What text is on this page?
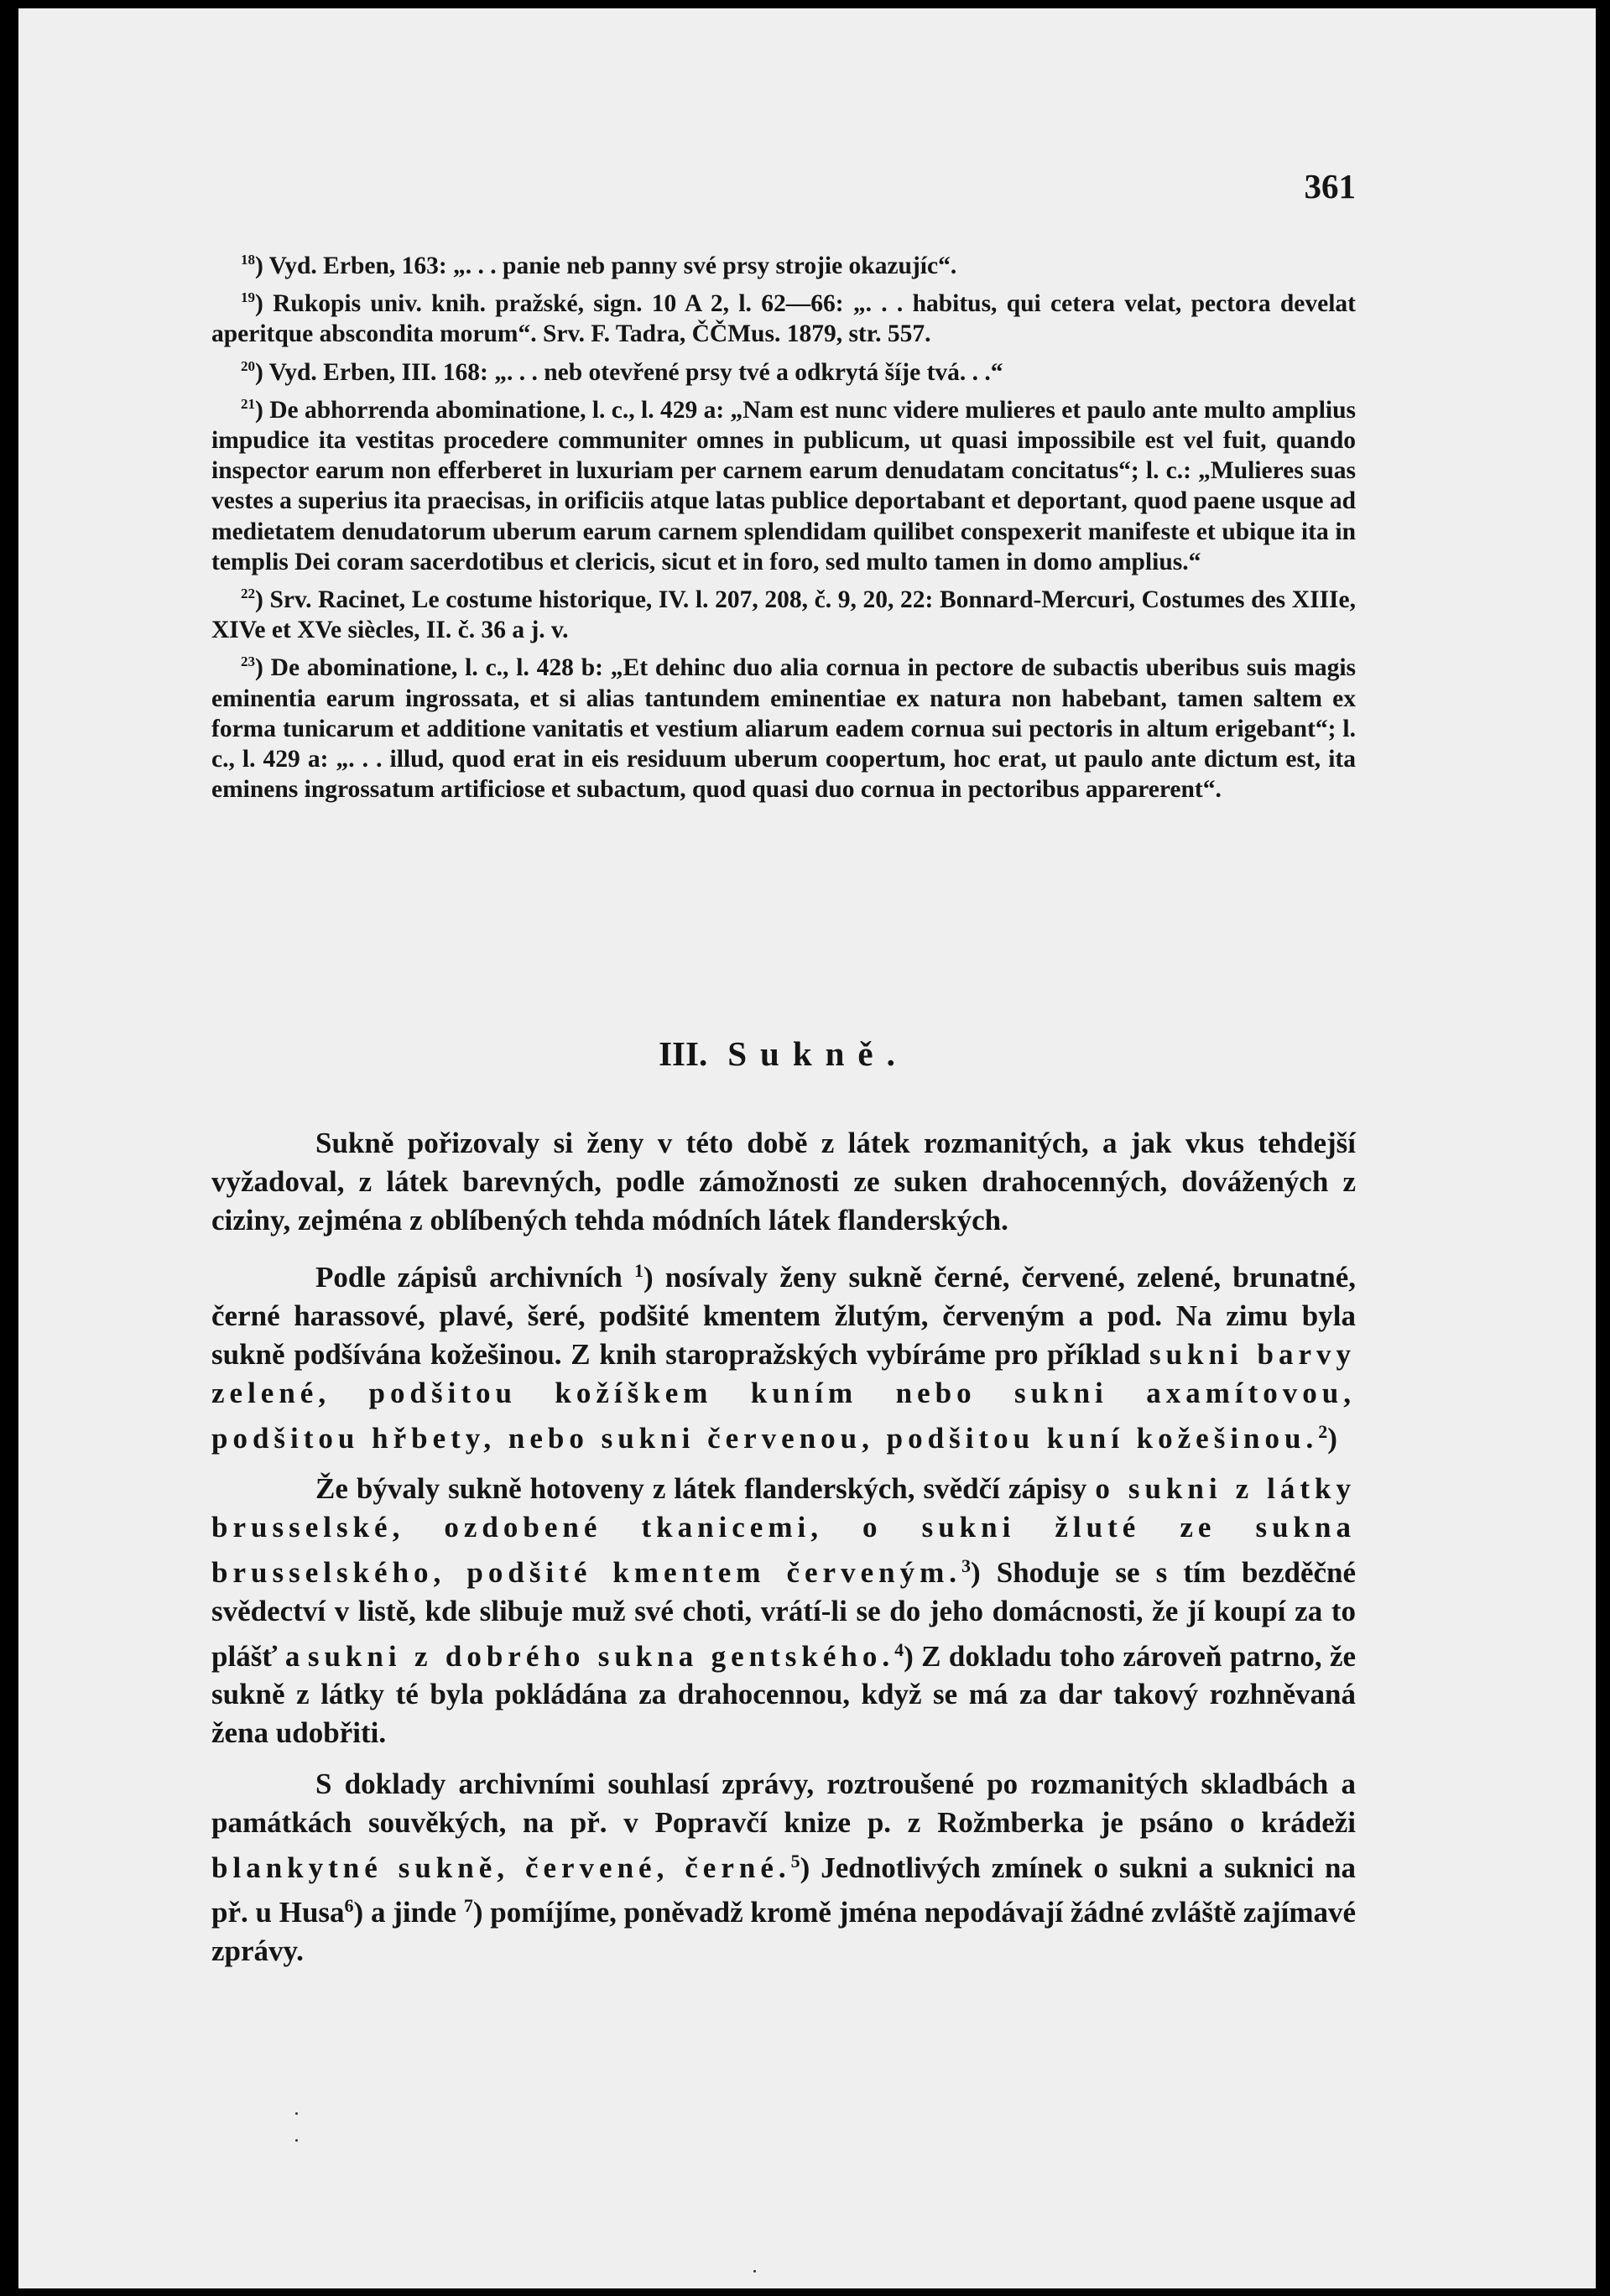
361

$^{18}$) Vyd. Erben, 163: „. . . panie neb panny své prsy strojie okazujíc“.

$^{19}$) Rukopis univ. knih. pražské, sign. 10 A 2, l. 62—66: „. . . habitus, qui cetera velat, pectora develat aperitque abscondita morum“. Srv. F. Tadra, ČČMus. 1879, str. 557.

$^{20}$) Vyd. Erben, III. 168: „. . . neb otevřené prsy tvé a odkrytá šíje tvá. . .“

$^{21}$) De abhorrenda abominatione, l. c., l. 429 a: „Nam est nunc videre mulieres et paulo ante multo amplius impudice ita vestitas procedere communiter omnes in publicum, ut quasi impossibile est vel fuit, quando inspector earum non efferberet in luxuriam per carnem earum denudatam concitatus“; l. c.: „Mulieres suas vestes a superius ita praecisas, in orificiis atque latas publice deportabant et deportant, quod paene usque ad medietatem denudatorum uberum earum carnem splendidam quilibet conspexerit manifeste et ubique ita in templis Dei coram sacerdotibus et clericis, sicut et in foro, sed multo tamen in domo amplius.“

$^{22}$) Srv. Racinet, Le costume historique, IV. l. 207, 208, č. 9, 20, 22: Bonnard-Mercuri, Costumes des XIIIe, XIVe et XVe siècles, II. č. 36 a j. v.

$^{23}$) De abominatione, l. c., l. 428 b: „Et dehinc duo alia cornua in pectore de subactis uberibus suis magis eminentia earum ingrossata, et si alias tantundem eminentiae ex natura non habebant, tamen saltem ex forma tunicarum et additione vanitatis et vestium aliarum eadem cornua sui pectoris in altum erigebant“; l. c., l. 429 a: „. . . illud, quod erat in eis residuum uberum coopertum, hoc erat, ut paulo ante dictum est, ita eminens ingrossatum artificiose et subactum, quod quasi duo cornua in pectoribus apparerent“.

III. Sukně.

Sukně pořizovaly si ženy v této době z látek rozmanitých, a jak vkus tehdejší vyžadoval, z látek barevných, podle zámožnosti ze suken drahocenných, dovážených z ciziny, zejména z oblíbených tehda módních látek flanderských.

Podle zápisů archivních $^1$) nosívaly ženy sukně černé, červené, zelené, brunatné, černé harassové, plavé, šeré, podšité kmentem žlutým, červeným a pod. Na zimu byla sukně podšívána kožešinou. Z knih staropražských vybíráme pro příklad sukni barvy zelené, podšitou kožíškem kuním nebo sukni axamítovou, podšitou hřbety, nebo sukni červenou, podšitou kuní kožešinou.$^2$)

Že bývaly sukně hotoveny z látek flanderských, svědčí zápisy o sukni z látky brusselské, ozdobené tkanicemi, o sukni žluté ze sukna brusselského, podšité kmentem červeným.$^3$) Shoduje se s tím bezděčné svědectví v listě, kde slibuje muž své choti, vrátí-li se do jeho domácnosti, že jí koupí za to plášť a sukni z dobrého sukna gentského.$^4$) Z dokladu toho zároveň patrno, že sukně z látky té byla pokládána za drahocennou, když se má za dar takový rozhněvaná žena udobřiti.

S doklady archivními souhlasí zprávy, roztroušené po rozmanitých skladbách a památkách souvěkých, na př. v Popravčí knize p. z Rožmberka je psáno o krádeži blankytné sukně, červené, černé.$^5$) Jednotlivých zmínek o sukni a suknici na př. u Husa$^6$) a jinde $^7$) pomíjíme, poněvadž kromě jména nepodávají žádné zvláště zajímavé zprávy.
